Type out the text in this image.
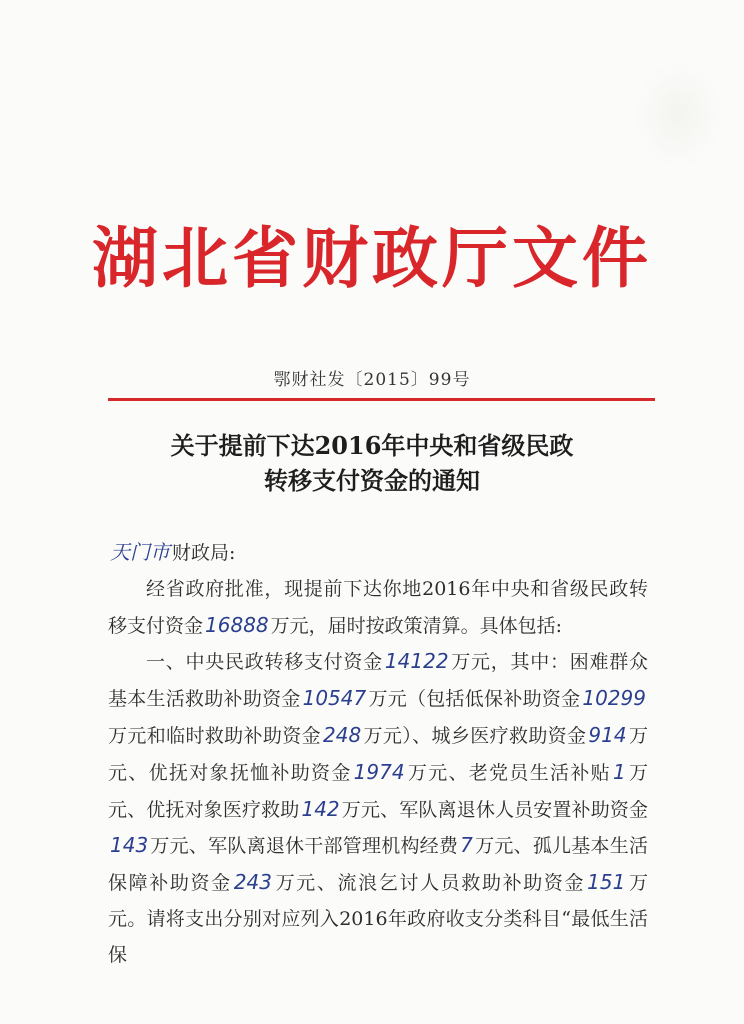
湖北省财政厅文件
鄂财社发〔2015〕99号
关于提前下达2016年中央和省级民政
转移支付资金的通知

天门市 财政局:

经省政府批准，现提前下达你地2016年中央和省级民政转移支付资金 16888 万元，届时按政策清算。具体包括:

一、中央民政转移支付资金 14122 万元，其中：困难群众基本生活救助补助资金 10547 万元（包括低保补助资金 10299万元和临时救助补助资金 248 万元）、城乡医疗救助资金 914 万元、优抚对象抚恤补助资金 1974 万元、老党员生活补贴 1 万元、优抚对象医疗救助 142 万元、军队离退休人员安置补助资金143 万元、军队离退休干部管理机构经费 7 万元、孤儿基本生活保障补助资金 243 万元、流浪乞讨人员救助补助资金 151 万元。请将支出分别对应列入2016年政府收支分类科目“最低生活保
